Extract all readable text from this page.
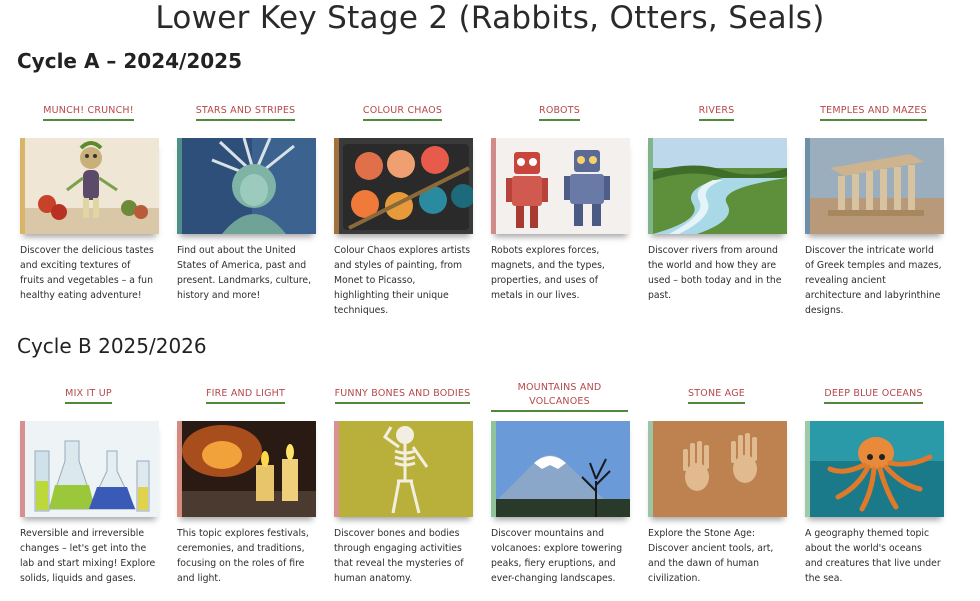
Lower Key Stage 2 (Rabbits, Otters, Seals)
Cycle A – 2024/2025
MUNCH! CRUNCH!
Discover the delicious tastes and exciting textures of fruits and vegetables – a fun healthy eating adventure!
STARS AND STRIPES
Find out about the United States of America, past and present. Landmarks, culture, history and more!
COLOUR CHAOS
Colour Chaos explores artists and styles of painting, from Monet to Picasso, highlighting their unique techniques.
ROBOTS
Robots explores forces, magnets, and the types, properties, and uses of metals in our lives.
RIVERS
Discover rivers from around the world and how they are used – both today and in the past.
TEMPLES AND MAZES
Discover the intricate world of Greek temples and mazes, revealing ancient architecture and labyrinthine designs.
Cycle B 2025/2026
MIX IT UP
Reversible and irreversible changes – let's get into the lab and start mixing! Explore solids, liquids and gases.
FIRE AND LIGHT
This topic explores festivals, ceremonies, and traditions, focusing on the roles of fire and light.
FUNNY BONES AND BODIES
Discover bones and bodies through engaging activities that reveal the mysteries of human anatomy.
MOUNTAINS AND VOLCANOES
Discover mountains and volcanoes: explore towering peaks, fiery eruptions, and ever-changing landscapes.
STONE AGE
Explore the Stone Age: Discover ancient tools, art, and the dawn of human civilization.
DEEP BLUE OCEANS
A geography themed topic about the world's oceans and creatures that live under the sea.
